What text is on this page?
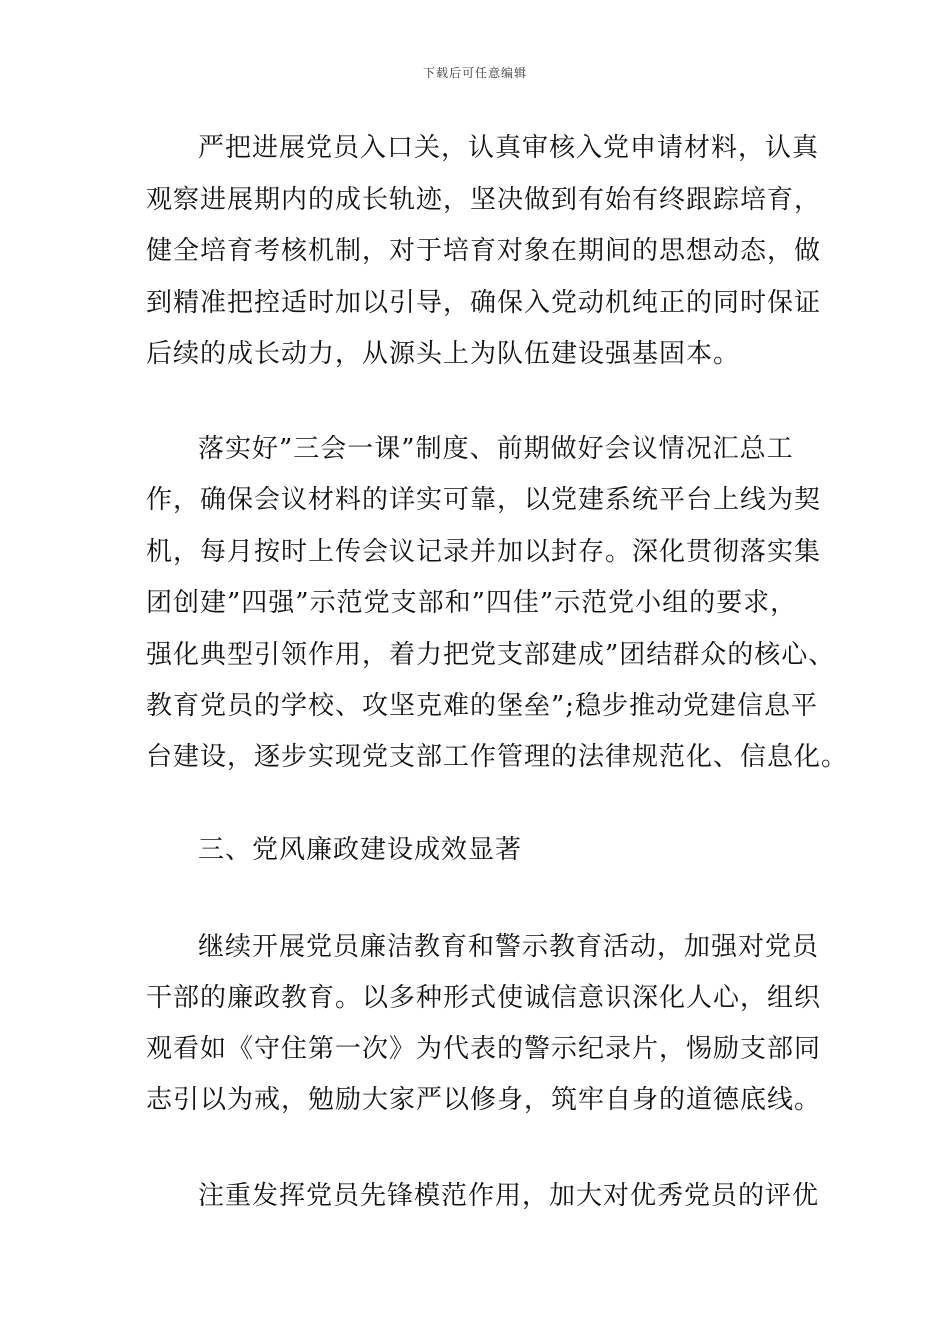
下载后可任意编辑
严把进展党员入口关，认真审核入党申请材料，认真
观察进展期内的成长轨迹，坚决做到有始有终跟踪培育，
健全培育考核机制，对于培育对象在期间的思想动态，做
到精准把控适时加以引导，确保入党动机纯正的同时保证
后续的成长动力，从源头上为队伍建设强基固本。
落实好”三会一课”制度、前期做好会议情况汇总工
作，确保会议材料的详实可靠，以党建系统平台上线为契
机，每月按时上传会议记录并加以封存。深化贯彻落实集
团创建”四强”示范党支部和”四佳”示范党小组的要求，
强化典型引领作用，着力把党支部建成”团结群众的核心、
教育党员的学校、攻坚克难的堡垒”;稳步推动党建信息平
台建设，逐步实现党支部工作管理的法律规范化、信息化。
三、党风廉政建设成效显著
继续开展党员廉洁教育和警示教育活动，加强对党员
干部的廉政教育。以多种形式使诚信意识深化人心，组织
观看如《守住第一次》为代表的警示纪录片，惕励支部同
志引以为戒，勉励大家严以修身，筑牢自身的道德底线。
注重发挥党员先锋模范作用，加大对优秀党员的评优
